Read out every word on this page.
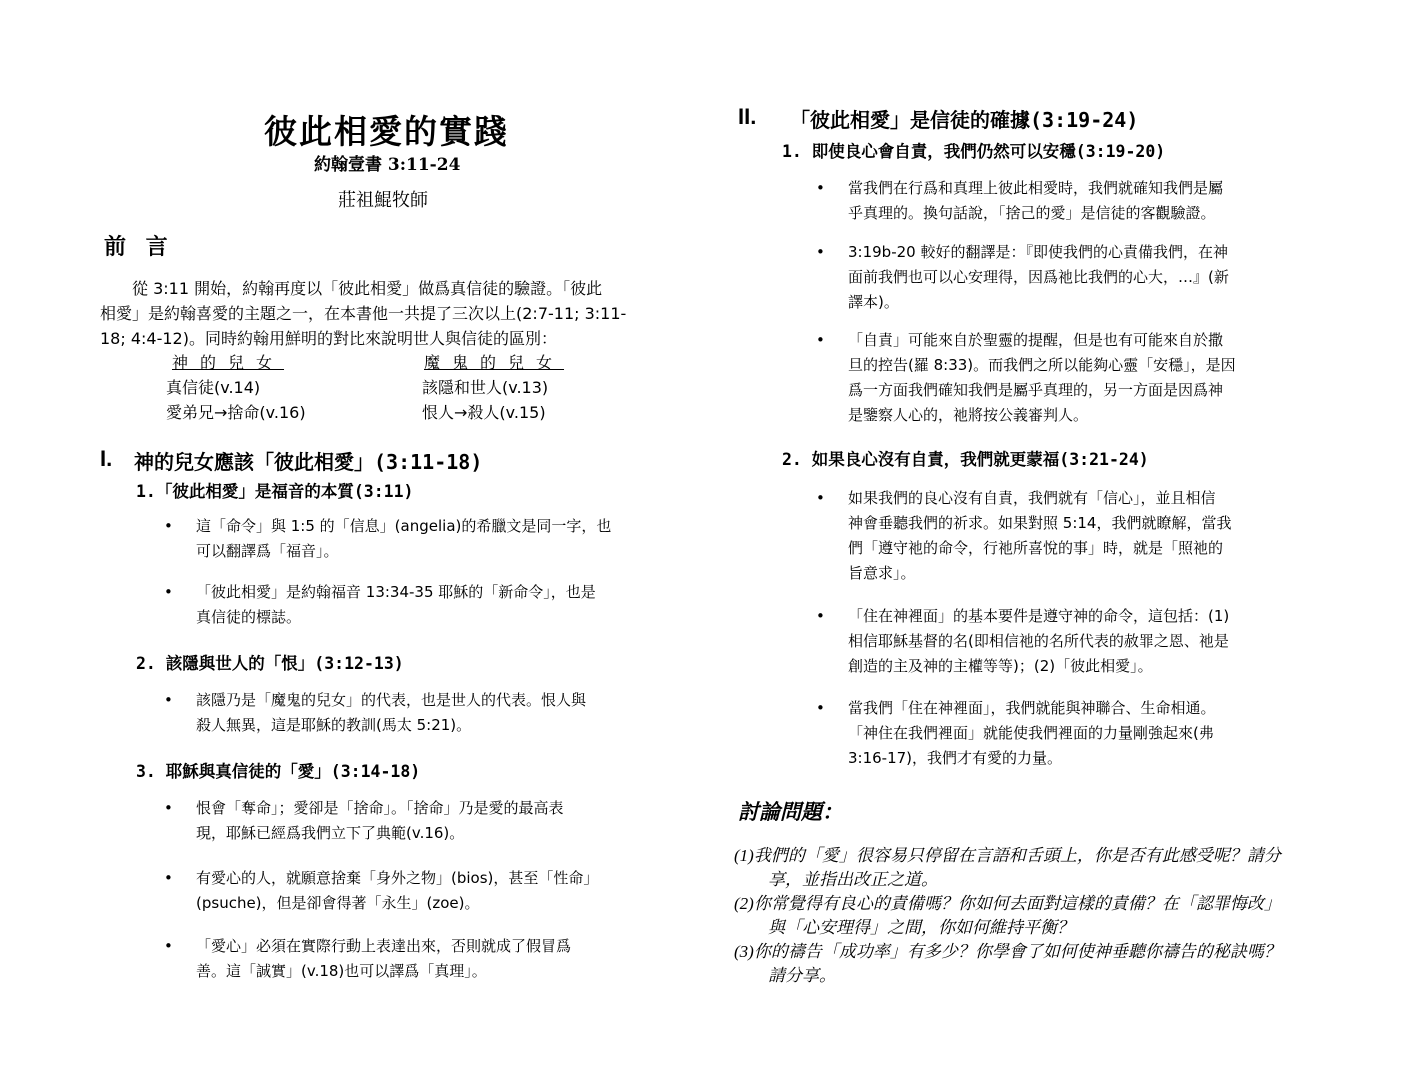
彼此相愛的實踐
約翰壹書 3:11-24
莊祖鯤牧師
前 言
從 3:11 開始，約翰再度以「彼此相愛」做爲真信徒的驗證。「彼此
相愛」是約翰喜愛的主題之一，在本書他一共提了三次以上(2:7-11; 3:11-
18; 4:4-12)。同時約翰用鮮明的對比來說明世人與信徒的區別：
神的兒女	魔鬼的兒女
真信徒(v.14)	該隱和世人(v.13)
愛弟兄→捨命(v.16)	恨人→殺人(v.15)
I. 神的兒女應該「彼此相愛」(3:11-18)
1.「彼此相愛」是福音的本質(3:11)
• 這「命令」與 1:5 的「信息」(angelia)的希臘文是同一字，也
可以翻譯爲「福音」。
• 「彼此相愛」是約翰福音 13:34-35 耶穌的「新命令」，也是
真信徒的標誌。
2. 該隱與世人的「恨」(3:12-13)
• 該隱乃是「魔鬼的兒女」的代表，也是世人的代表。恨人與
殺人無異，這是耶穌的教訓(馬太 5:21)。
3. 耶穌與真信徒的「愛」(3:14-18)
• 恨會「奪命」；愛卻是「捨命」。「捨命」乃是愛的最高表
現，耶穌已經爲我們立下了典範(v.16)。
• 有愛心的人，就願意捨棄「身外之物」(bios)，甚至「性命」
(psuche)，但是卻會得著「永生」(zoe)。
• 「愛心」必須在實際行動上表達出來，否則就成了假冒爲
善。這「誠實」(v.18)也可以譯爲「真理」。
II. 「彼此相愛」是信徒的確據(3:19-24)
1. 即使良心會自責，我們仍然可以安穩(3:19-20)
• 當我們在行爲和真理上彼此相愛時，我們就確知我們是屬
乎真理的。換句話說，「捨己的愛」是信徒的客觀驗證。
• 3:19b-20 較好的翻譯是：『即使我們的心責備我們，在神
面前我們也可以心安理得，因爲祂比我們的心大，…』(新
譯本)。
• 「自責」可能來自於聖靈的提醒，但是也有可能來自於撒
旦的控告(羅 8:33)。而我們之所以能夠心靈「安穩」，是因
爲一方面我們確知我們是屬乎真理的，另一方面是因爲神
是鑒察人心的，祂將按公義審判人。
2. 如果良心沒有自責，我們就更蒙福(3:21-24)
• 如果我們的良心沒有自責，我們就有「信心」，並且相信
神會垂聽我們的祈求。如果對照 5:14，我們就瞭解，當我
們「遵守祂的命令，行祂所喜悅的事」時，就是「照祂的
旨意求」。
• 「住在神裡面」的基本要件是遵守神的命令，這包括：(1)
相信耶穌基督的名(即相信祂的名所代表的赦罪之恩、祂是
創造的主及神的主權等等)；(2)「彼此相愛」。
• 當我們「住在神裡面」，我們就能與神聯合、生命相通。
「神住在我們裡面」就能使我們裡面的力量剛強起來(弗
3:16-17)，我們才有愛的力量。
討論問題：
(1)我們的「愛」很容易只停留在言語和舌頭上，你是否有此感受呢？請分
享，並指出改正之道。
(2)你常覺得有良心的責備嗎？你如何去面對這樣的責備？在「認罪悔改」
與「心安理得」之間，你如何維持平衡？
(3)你的禱告「成功率」有多少？你學會了如何使神垂聽你禱告的秘訣嗎？
請分享。
